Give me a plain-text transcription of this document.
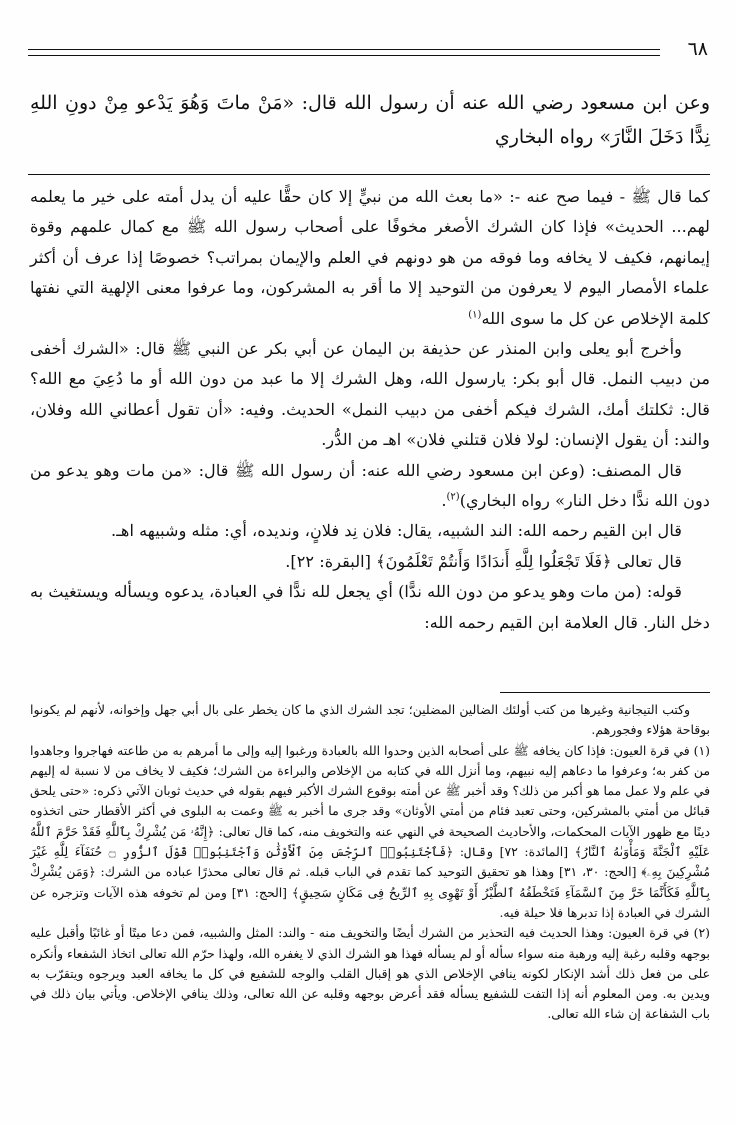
٦٨
وعن ابن مسعود رضي الله عنه أن رسول الله قال: «مَنْ ماتَ وَهُوَ يَدْعو مِنْ دونِ اللهِ نِدًّا دَخَلَ النَّارَ» رواه البخاري

كما قال ﷺ - فيما صح عنه -: «ما بعث الله من نبيٍّ إلا كان حقًّا عليه أن يدل أمته على خير ما يعلمه لهم... الحديث» فإذا كان الشرك الأصغر مخوفًا على أصحاب رسول الله ﷺ مع كمال علمهم وقوة إيمانهم، فكيف لا يخافه وما فوقه من هو دونهم في العلم والإيمان بمراتب؟ خصوصًا إذا عرف أن أكثر علماء الأمصار اليوم لا يعرفون من التوحيد إلا ما أقر به المشركون، وما عرفوا معنى الإلهية التي نفتها كلمة الإخلاص عن كل ما سوى الله$^{(١)}$

وأخرج أبو يعلى وابن المنذر عن حذيفة بن اليمان عن أبي بكر عن النبي ﷺ قال: «الشرك أخفى من دبيب النمل. قال أبو بكر: يارسول الله، وهل الشرك إلا ما عبد من دون الله أو ما دُعِيَ مع الله؟ قال: ثكلتك أمك، الشرك فيكم أخفى من دبيب النمل» الحديث. وفيه: «أن تقول أعطاني الله وفلان، والند: أن يقول الإنسان: لولا فلان قتلني فلان» اهـ من الدُّر.

قال المصنف: (وعن ابن مسعود رضي الله عنه: أن رسول الله ﷺ قال: «من مات وهو يدعو من دون الله ندًّا دخل النار» رواه البخاري)$^{(٢)}$.

قال ابن القيم رحمه الله: الند الشبيه، يقال: فلان نِد فلانٍ، ونديده، أي: مثله وشبيهه اهـ.

قال تعالى ﴿فَلَا تَجْعَلُوا لِلَّهِ أَندَادًا وَأَنتُمْ تَعْلَمُونَ﴾ [البقرة: ٢٢].

قوله: (من مات وهو يدعو من دون الله ندًّا) أي يجعل لله ندًّا في العبادة، يدعوه ويسأله ويستغيث به دخل النار. قال العلامة ابن القيم رحمه الله:

وكتب التيجانية وغيرها من كتب أولئك الضالين المضلين؛ تجد الشرك الذي ما كان يخطر على بال أبي جهل وإخوانه، لأنهم لم يكونوا بوقاحة هؤلاء وفجورهم.

(١) في قرة العيون: فإذا كان يخافه ﷺ على أصحابه الذين وحدوا الله بالعبادة ورغبوا إليه وإلى ما أمرهم به من طاعته فهاجروا وجاهدوا من كفر به؛ وعرفوا ما دعاهم إليه نبيهم، وما أنزل الله في كتابه من الإخلاص والبراءة من الشرك؛ فكيف لا يخاف من لا نسبة له إليهم في علم ولا عمل مما هو أكبر من ذلك؟ وقد أخبر ﷺ عن أمته بوقوع الشرك الأكبر فيهم بقوله في حديث ثوبان الآتي ذكره: «حتى يلحق قبائل من أمتي بالمشركين، وحتى تعبد فئام من أمتي الأوثان» وقد جرى ما أخبر به ﷺ وعمت به البلوى في أكثر الأقطار حتى اتخذوه دينًا مع ظهور الآيات المحكمات، والأحاديث الصحيحة في النهي عنه والتخويف منه، كما قال تعالى: ﴿إِنَّهُۥ مَن يُشْرِكْ بِٱللَّهِ فَقَدْ حَرَّمَ ٱللَّهُ عَلَيْهِ ٱلْجَنَّةَ وَمَأْوَىٰهُ ٱلنَّارُ﴾ [المائدة: ٧٢] وقال: ﴿فَٱجْتَنِبُوا۟ ٱلرِّجْسَ مِنَ ٱلْأَوْثَٰنِ وَٱجْتَنِبُوا۟ قَوْلَ ٱلزُّورِ ۝ حُنَفَآءَ لِلَّهِ غَيْرَ مُشْرِكِينَ بِهِۦ﴾ [الحج: ٣٠، ٣١] وهذا هو تحقيق التوحيد كما تقدم في الباب قبله. ثم قال تعالى محذرًا عباده من الشرك: ﴿وَمَن يُشْرِكْ بِٱللَّهِ فَكَأَنَّمَا خَرَّ مِنَ ٱلسَّمَآءِ فَتَخْطَفُهُ ٱلطَّيْرُ أَوْ تَهْوِى بِهِ ٱلرِّيحُ فِى مَكَانٍ سَحِيقٍ﴾ [الحج: ٣١] ومن لم تخوفه هذه الآيات وتزجره عن الشرك في العبادة إذا تدبرها فلا حيلة فيه.

(٢) في قرة العيون: وهذا الحديث فيه التحذير من الشرك أيضًا والتخويف منه - والند: المثل والشبيه، فمن دعا ميتًا أو غائبًا وأقبل عليه بوجهه وقلبه رغبة إليه ورهبة منه سواء سأله أو لم يسأله فهذا هو الشرك الذي لا يغفره الله، ولهذا حرّم الله تعالى اتخاذ الشفعاء وأنكره على من فعل ذلك أشد الإنكار لكونه ينافي الإخلاص الذي هو إقبال القلب والوجه للشفيع في كل ما يخافه العبد ويرجوه ويتقرّب به ويدين به. ومن المعلوم أنه إذا التفت للشفيع يسأله فقد أعرض بوجهه وقلبه عن الله تعالى، وذلك ينافي الإخلاص. ويأتي بيان ذلك في باب الشفاعة إن شاء الله تعالى.
